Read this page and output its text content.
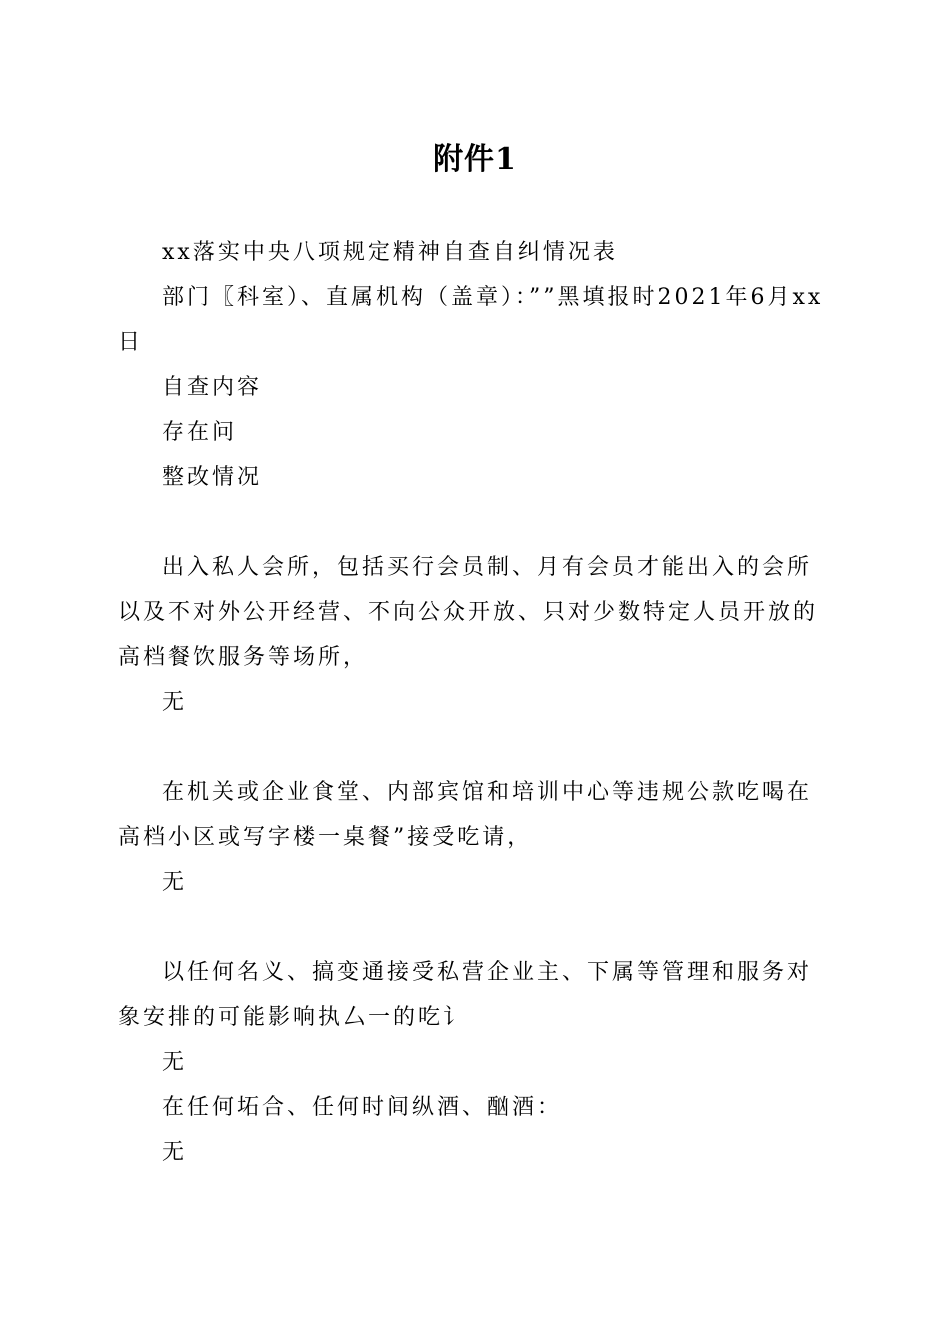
附件1

xx落实中央八项规定精神自查自纠情况表

部门〖科室）、直属机构（盖章）：””黑填报时2021年6月xx日

自查内容

存在问

整改情况

出入私人会所，包括买行会员制、月有会员才能出入的会所以及不对外公开经营、不向公众开放、只对少数特定人员开放的高档餐饮服务等场所，

无

在机关或企业食堂、内部宾馆和培训中心等违规公款吃喝在高档小区或写字楼一桌餐”接受吃请，

无

以任何名义、搞变通接受私营企业主、下属等管理和服务对象安排的可能影响执厶一的吃讠

无

在任何坧合、任何时间纵酒、酗酒：

无
